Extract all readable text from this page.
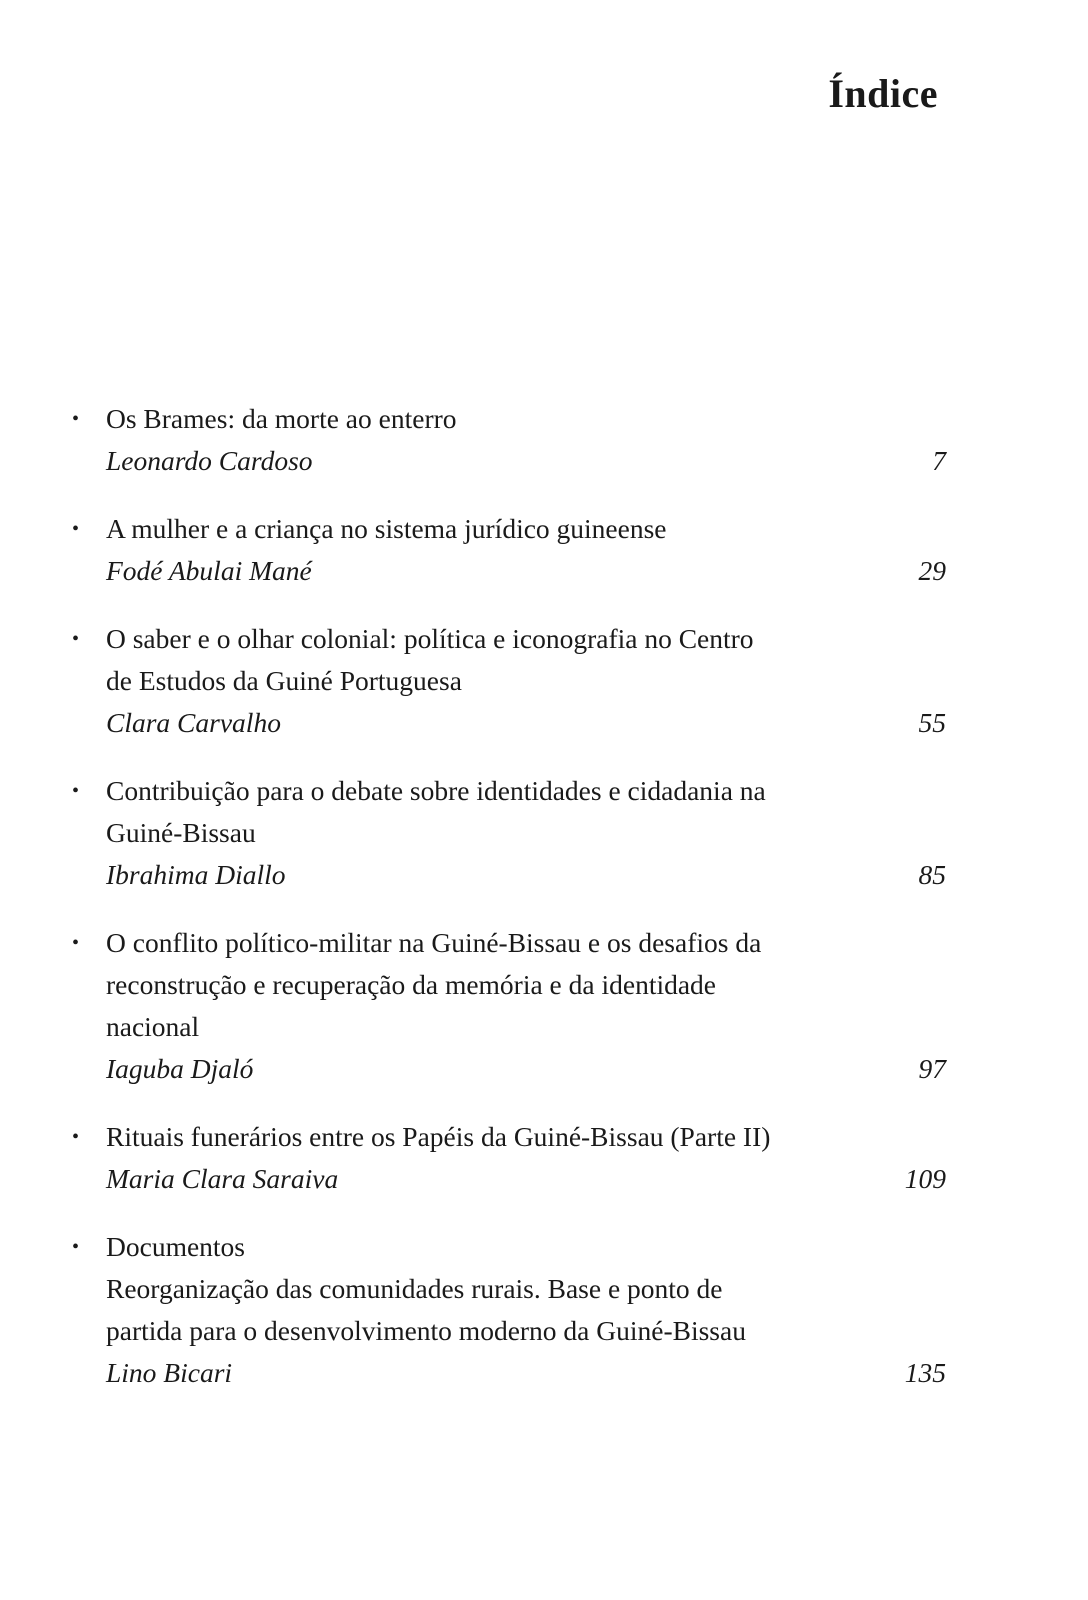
Índice
• Os Brames: da morte ao enterro
Leonardo Cardoso	7
• A mulher e a criança no sistema jurídico guineense
Fodé Abulai Mané	29
• O saber e o olhar colonial: política e iconografia no Centro
de Estudos da Guiné Portuguesa
Clara Carvalho	55
• Contribuição para o debate sobre identidades e cidadania na
Guiné-Bissau
Ibrahima Diallo	85
• O conflito político-militar na Guiné-Bissau e os desafios da
reconstrução e recuperação da memória e da identidade
nacional
Iaguba Djaló	97
• Rituais funerários entre os Papéis da Guiné-Bissau (Parte II)
Maria Clara Saraiva	109
• Documentos
Reorganização das comunidades rurais. Base e ponto de
partida para o desenvolvimento moderno da Guiné-Bissau
Lino Bicari	135
